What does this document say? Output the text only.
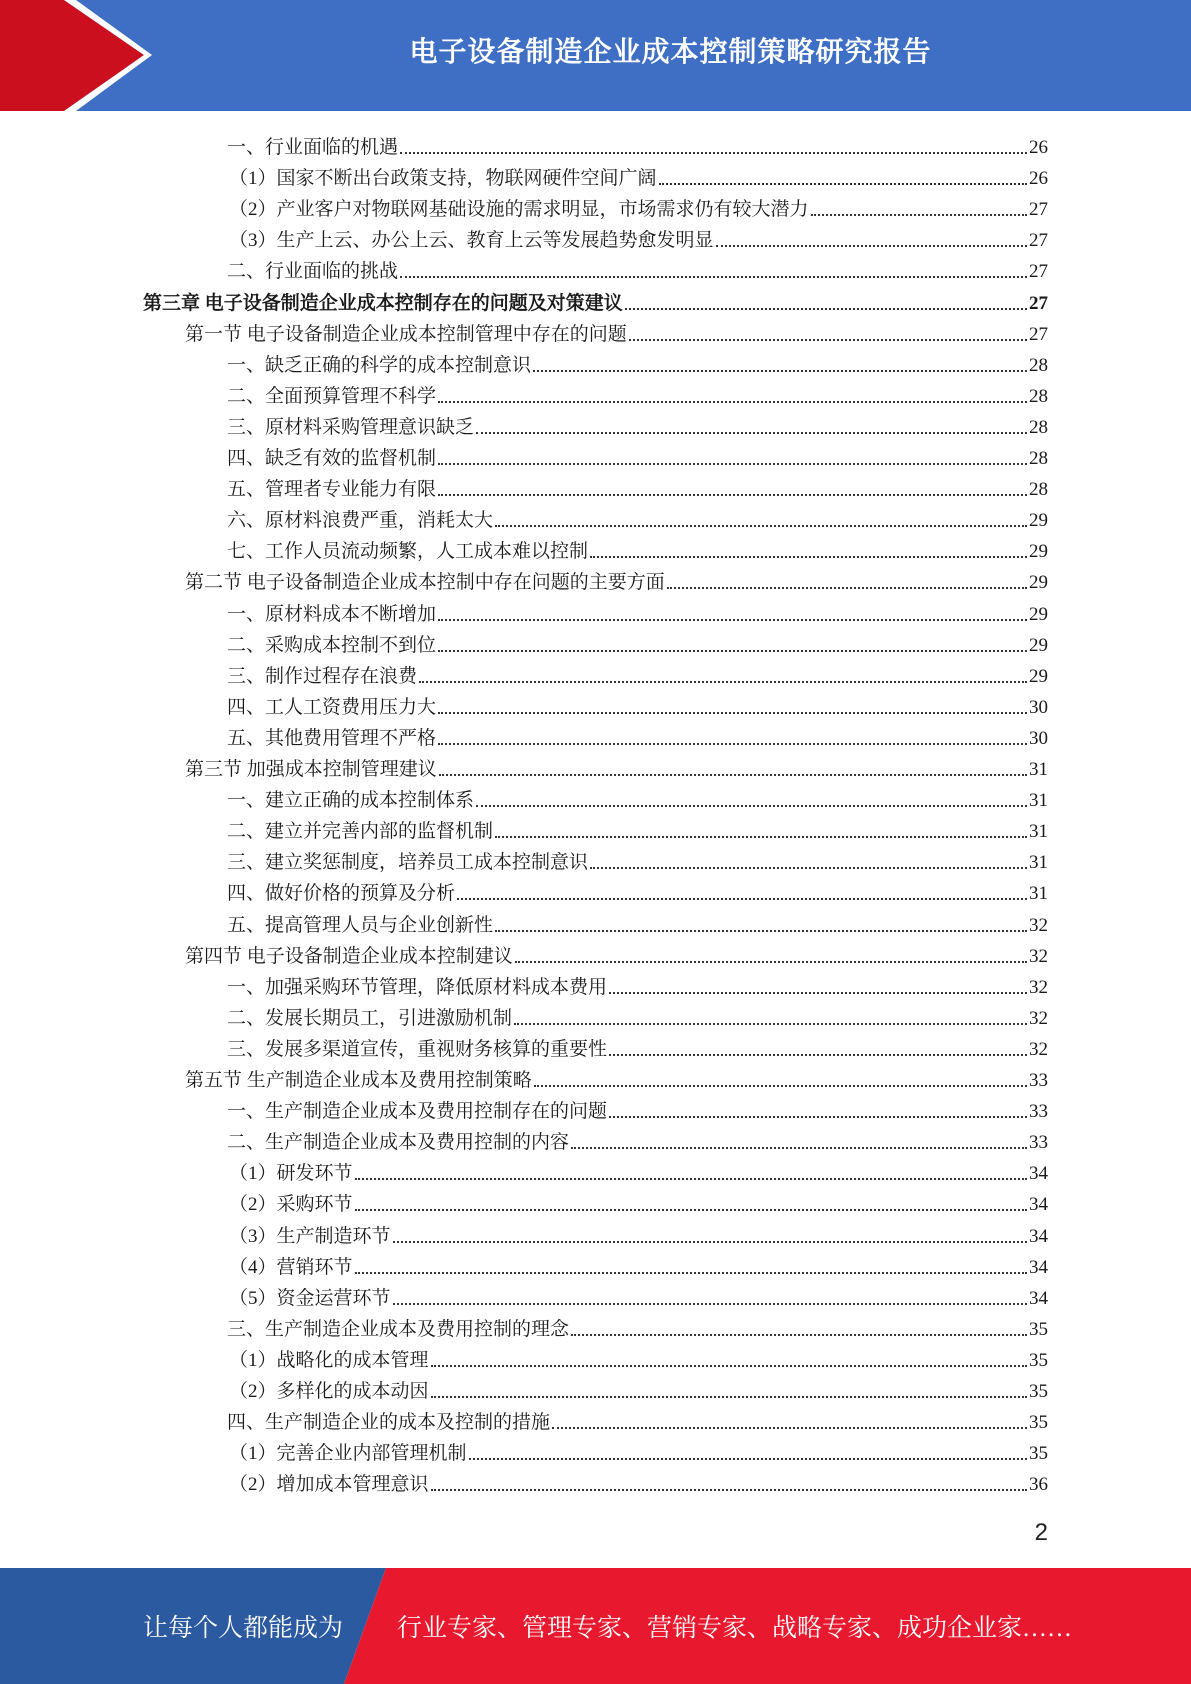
电子设备制造企业成本控制策略研究报告
一、行业面临的机遇	26
（1）国家不断出台政策支持，物联网硬件空间广阔	26
（2）产业客户对物联网基础设施的需求明显，市场需求仍有较大潜力	27
（3）生产上云、办公上云、教育上云等发展趋势愈发明显	27
二、行业面临的挑战	27
第三章 电子设备制造企业成本控制存在的问题及对策建议	27
第一节 电子设备制造企业成本控制管理中存在的问题	27
一、缺乏正确的科学的成本控制意识	28
二、全面预算管理不科学	28
三、原材料采购管理意识缺乏	28
四、缺乏有效的监督机制	28
五、管理者专业能力有限	28
六、原材料浪费严重，消耗太大	29
七、工作人员流动频繁，人工成本难以控制	29
第二节 电子设备制造企业成本控制中存在问题的主要方面	29
一、原材料成本不断增加	29
二、采购成本控制不到位	29
三、制作过程存在浪费	29
四、工人工资费用压力大	30
五、其他费用管理不严格	30
第三节 加强成本控制管理建议	31
一、建立正确的成本控制体系	31
二、建立并完善内部的监督机制	31
三、建立奖惩制度，培养员工成本控制意识	31
四、做好价格的预算及分析	31
五、提高管理人员与企业创新性	32
第四节 电子设备制造企业成本控制建议	32
一、加强采购环节管理，降低原材料成本费用	32
二、发展长期员工，引进激励机制	32
三、发展多渠道宣传，重视财务核算的重要性	32
第五节 生产制造企业成本及费用控制策略	33
一、生产制造企业成本及费用控制存在的问题	33
二、生产制造企业成本及费用控制的内容	33
（1）研发环节	34
（2）采购环节	34
（3）生产制造环节	34
（4）营销环节	34
（5）资金运营环节	34
三、生产制造企业成本及费用控制的理念	35
（1）战略化的成本管理	35
（2）多样化的成本动因	35
四、生产制造企业的成本及控制的措施	35
（1）完善企业内部管理机制	35
（2）增加成本管理意识	36
2
让每个人都能成为 行业专家、管理专家、营销专家、战略专家、成功企业家……
